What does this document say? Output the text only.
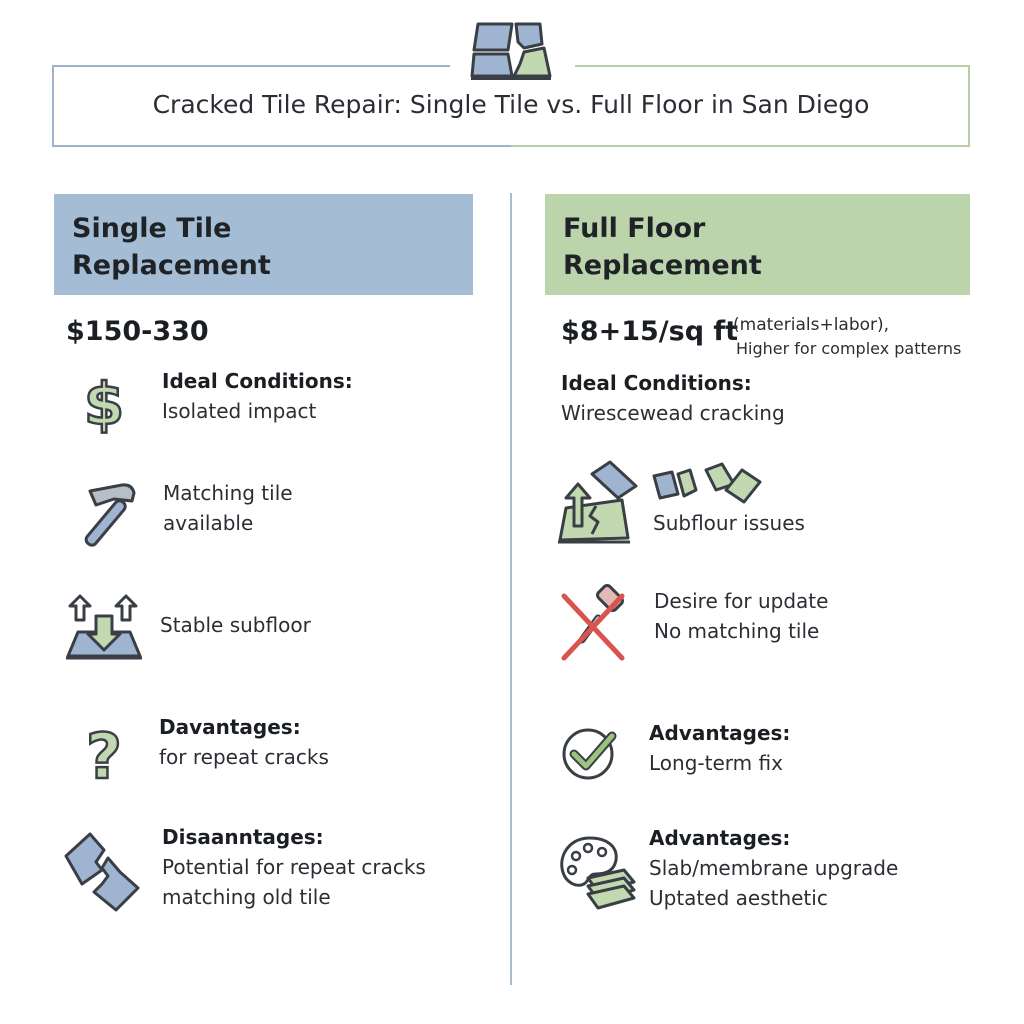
Cracked Tile Repair: Single Tile vs. Full Floor in San Diego
Single Tile
Replacement
$150-330
$ Ideal Conditions:
Isolated impact
Matching tile
available
Stable subfloor
? Davantages:
for repeat cracks
Disaanntages:
Potential for repeat cracks
matching old tile
Full Floor
Replacement
$8+15/sq ft
(materials+labor),
Higher for complex patterns
Ideal Conditions:
Wirescewead cracking
Subflour issues
Desire for update
No matching tile
Advantages:
Long-term fix
Advantages:
Slab/membrane upgrade
Uptated aesthetic
